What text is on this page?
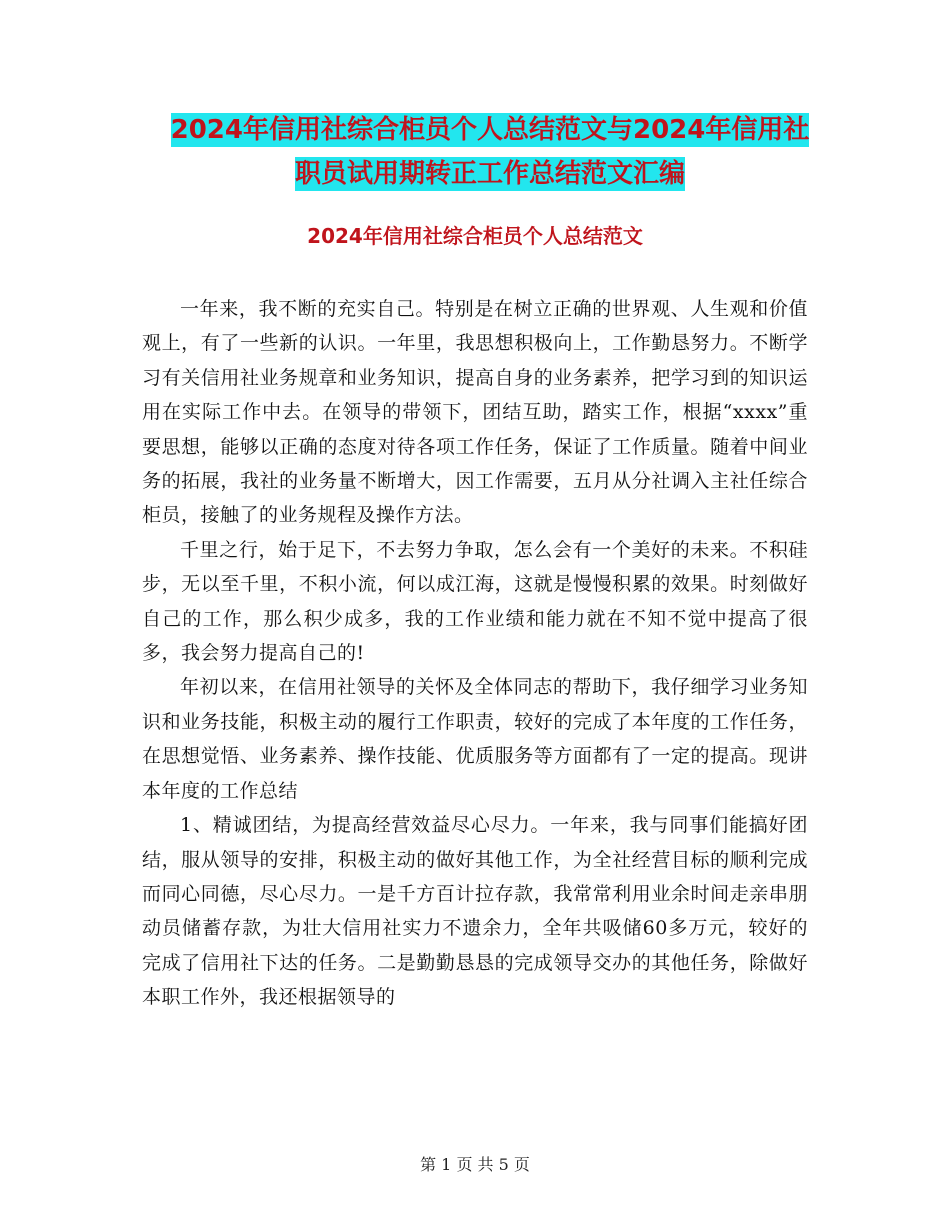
2024年信用社综合柜员个人总结范文与2024年信用社
职员试用期转正工作总结范文汇编
2024年信用社综合柜员个人总结范文

一年来，我不断的充实自己。特别是在树立正确的世界观、人生观和价值观上，有了一些新的认识。一年里，我思想积极向上，工作勤恳努力。不断学习有关信用社业务规章和业务知识，提高自身的业务素养，把学习到的知识运用在实际工作中去。在领导的带领下，团结互助，踏实工作，根据“xxxx”重要思想，能够以正确的态度对待各项工作任务，保证了工作质量。随着中间业务的拓展，我社的业务量不断增大，因工作需要，五月从分社调入主社任综合柜员，接触了的业务规程及操作方法。

千里之行，始于足下，不去努力争取，怎么会有一个美好的未来。不积硅步，无以至千里，不积小流，何以成江海，这就是慢慢积累的效果。时刻做好自己的工作，那么积少成多，我的工作业绩和能力就在不知不觉中提高了很多，我会努力提高自己的!

年初以来，在信用社领导的关怀及全体同志的帮助下，我仔细学习业务知识和业务技能，积极主动的履行工作职责，较好的完成了本年度的工作任务，在思想觉悟、业务素养、操作技能、优质服务等方面都有了一定的提高。现讲本年度的工作总结

1、精诚团结，为提高经营效益尽心尽力。一年来，我与同事们能搞好团结，服从领导的安排，积极主动的做好其他工作，为全社经营目标的顺利完成而同心同德，尽心尽力。一是千方百计拉存款，我常常利用业余时间走亲串朋动员储蓄存款，为壮大信用社实力不遗余力，全年共吸储60多万元，较好的完成了信用社下达的任务。二是勤勤恳恳的完成领导交办的其他任务，除做好本职工作外，我还根据领导的

第 1 页 共 5 页
